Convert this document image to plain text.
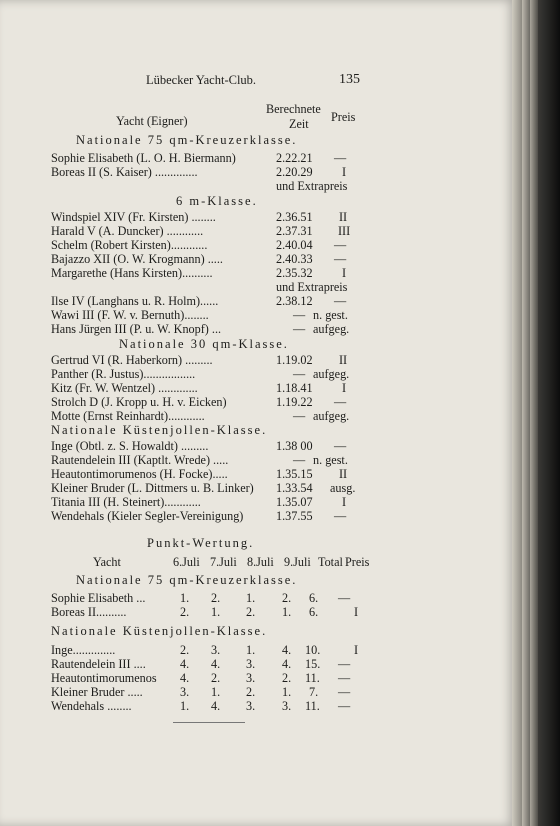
Lübecker Yacht-Club.	135
Yacht (Eigner)
Berechnete
Zeit Preis
Nationale 75 qm-Kreuzerklasse.
Sophie Elisabeth (L. O. H. Biermann)	2.22.21 —
Boreas II (S. Kaiser) ..............	2.20.29 I
und Extrapreis
6 m-Klasse.
Windspiel XIV (Fr. Kirsten) ........	2.36.51 II
Harald V (A. Duncker) ............	2.37.31 III
Schelm (Robert Kirsten)............	2.40.04 —
Bajazzo XII (O. W. Krogmann) .....	2.40.33 —
Margarethe (Hans Kirsten)..........	2.35.32 I
und Extrapreis
Ilse IV (Langhans u. R. Holm)......	2.38.12 —
Wawi III (F. W. v. Bernuth)........	— n. gest.
Hans Jürgen III (P. u. W. Knopf) ...	— aufgeg.
Nationale 30 qm-Klasse.
Gertrud VI (R. Haberkorn) .........	1.19.02 II
Panther (R. Justus).................	— aufgeg.
Kitz (Fr. W. Wentzel) .............	1.18.41 I
Strolch D (J. Kropp u. H. v. Eicken)	1.19.22 —
Motte (Ernst Reinhardt)............	— aufgeg.
Nationale Küstenjollen-Klasse.
Inge (Obtl. z. S. Howaldt) .........	1.38 00 —
Rautendelein III (Kaptlt. Wrede) .....	— n. gest.
Heautontimorumenos (H. Focke).....	1.35.15 II
Kleiner Bruder (L. Dittmers u. B. Linker) 1.33.54 ausg.
Titania III (H. Steinert)............	1.35.07 I
Wendehals (Kieler Segler-Vereinigung)	1.37.55 —
Punkt-Wertung.
Yacht	6.Juli 7.Juli 8.Juli 9.Juli Total Preis
Nationale 75 qm-Kreuzerklasse.
Sophie Elisabeth ...	1. 2. 1. 2. 6. —
Boreas II..........	2. 1. 2. 1. 6.	I
Nationale Küstenjollen-Klasse.
Inge..............	2. 3. 1. 4. 10.	I
Rautendelein III ....	4. 4. 3. 4. 15. —
Heautontimorumenos 4. 2. 3. 2. 11. —
Kleiner Bruder .....	3. 1. 2. 1. 7. —
Wendehals ........	1. 4. 3. 3. 11. —
